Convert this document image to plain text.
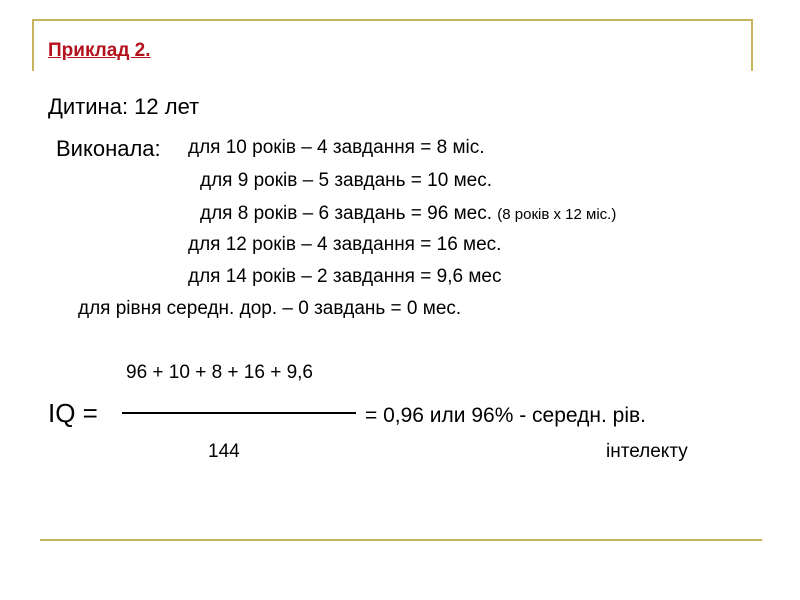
Приклад 2.
Дитина: 12 лет
Виконала: для 10 років – 4 завдання = 8 міс.
для 9 років – 5 завдань = 10 мес.
для 8 років – 6 завдань = 96 мес. (8 років х 12 міс.)
для 12 років – 4 завдання = 16 мес.
для 14 років – 2 завдання = 9,6 мес
для рівня середн. дор. – 0 завдань = 0 мес.
96 + 10 + 8 + 16 + 9,6
IQ =	= 0,96 или 96% - середн. рів.
144	інтелекту
